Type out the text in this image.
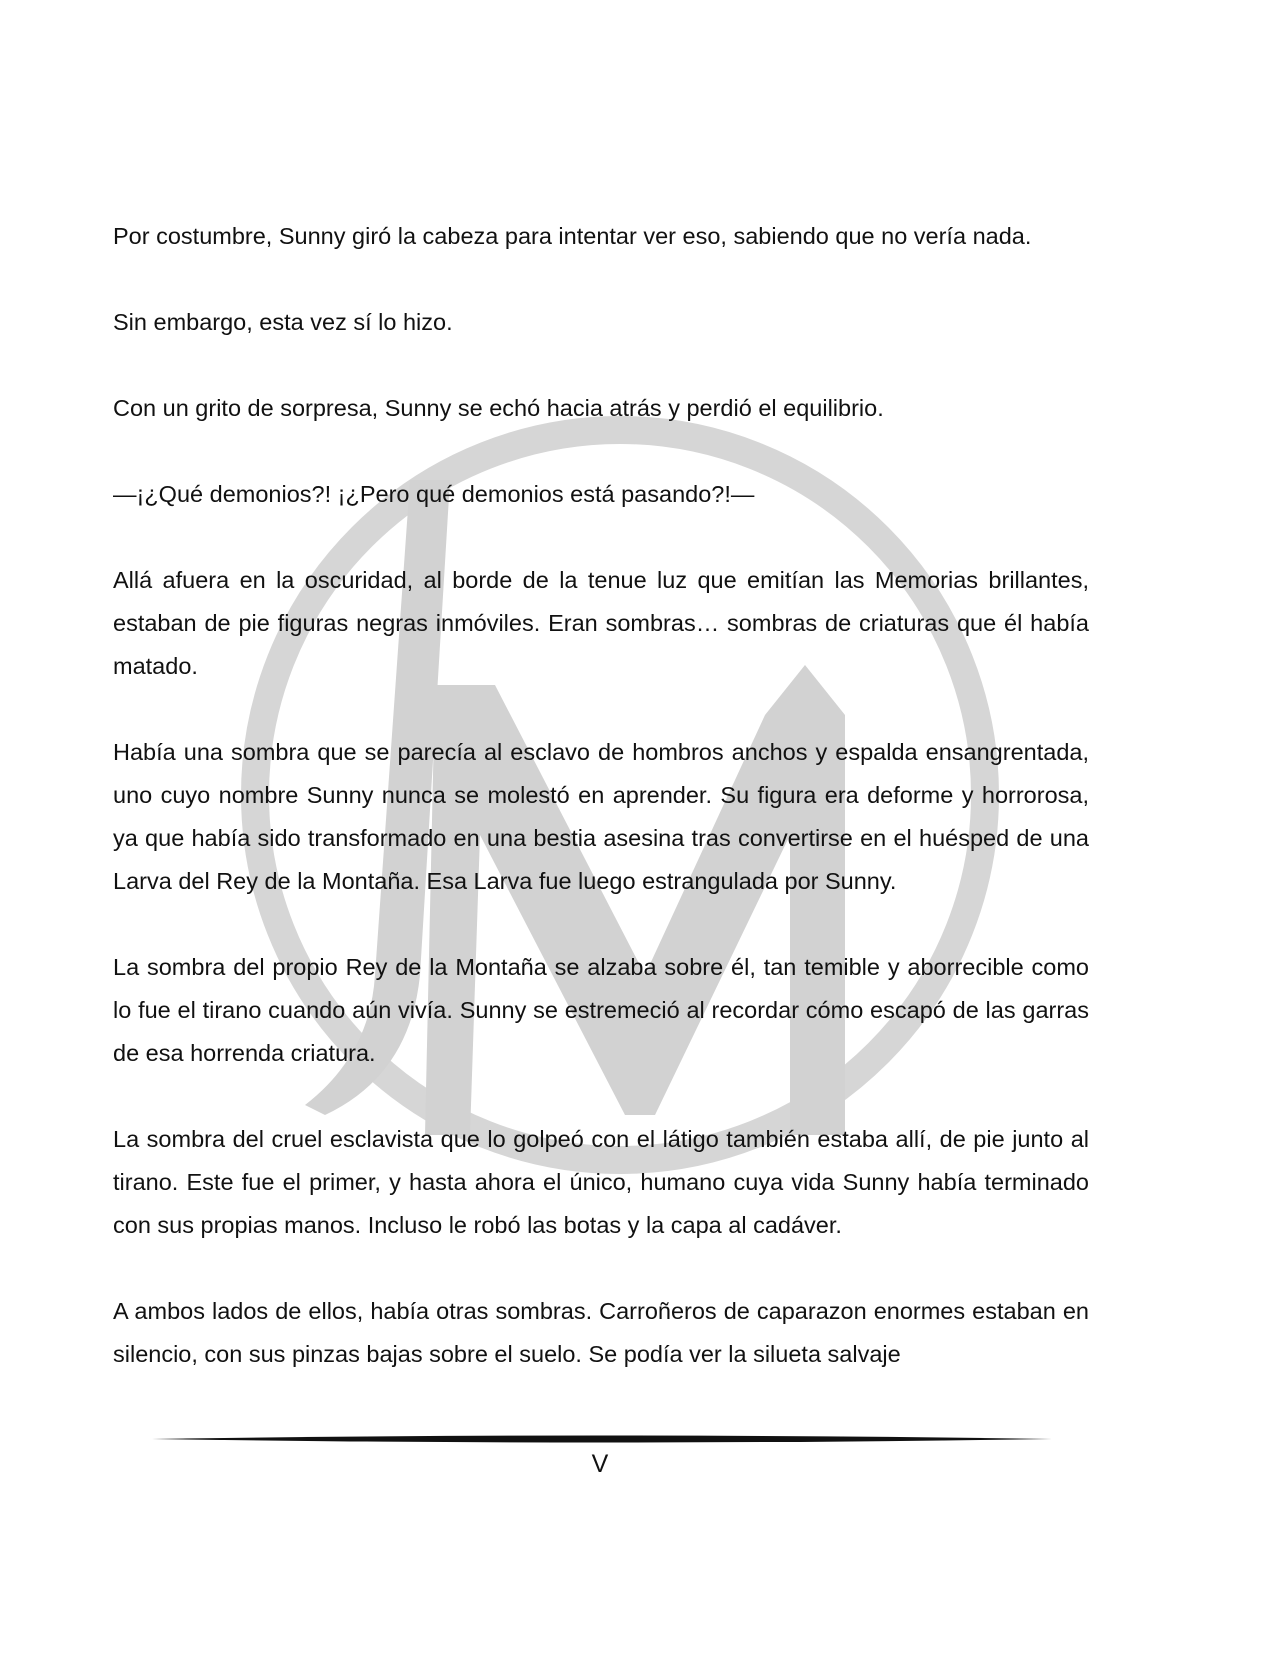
Por costumbre, Sunny giró la cabeza para intentar ver eso, sabiendo que no vería nada.

Sin embargo, esta vez sí lo hizo.

Con un grito de sorpresa, Sunny se echó hacia atrás y perdió el equilibrio.

—¡¿Qué demonios?! ¡¿Pero qué demonios está pasando?!—

Allá afuera en la oscuridad, al borde de la tenue luz que emitían las Memorias brillantes, estaban de pie figuras negras inmóviles. Eran sombras… sombras de criaturas que él había matado.

Había una sombra que se parecía al esclavo de hombros anchos y espalda ensangrentada, uno cuyo nombre Sunny nunca se molestó en aprender. Su figura era deforme y horrorosa, ya que había sido transformado en una bestia asesina tras convertirse en el huésped de una Larva del Rey de la Montaña. Esa Larva fue luego estrangulada por Sunny.

La sombra del propio Rey de la Montaña se alzaba sobre él, tan temible y aborrecible como lo fue el tirano cuando aún vivía. Sunny se estremeció al recordar cómo escapó de las garras de esa horrenda criatura.

La sombra del cruel esclavista que lo golpeó con el látigo también estaba allí, de pie junto al tirano. Este fue el primer, y hasta ahora el único, humano cuya vida Sunny había terminado con sus propias manos. Incluso le robó las botas y la capa al cadáver.

A ambos lados de ellos, había otras sombras. Carroñeros de caparazon enormes estaban en silencio, con sus pinzas bajas sobre el suelo. Se podía ver la silueta salvaje

V
